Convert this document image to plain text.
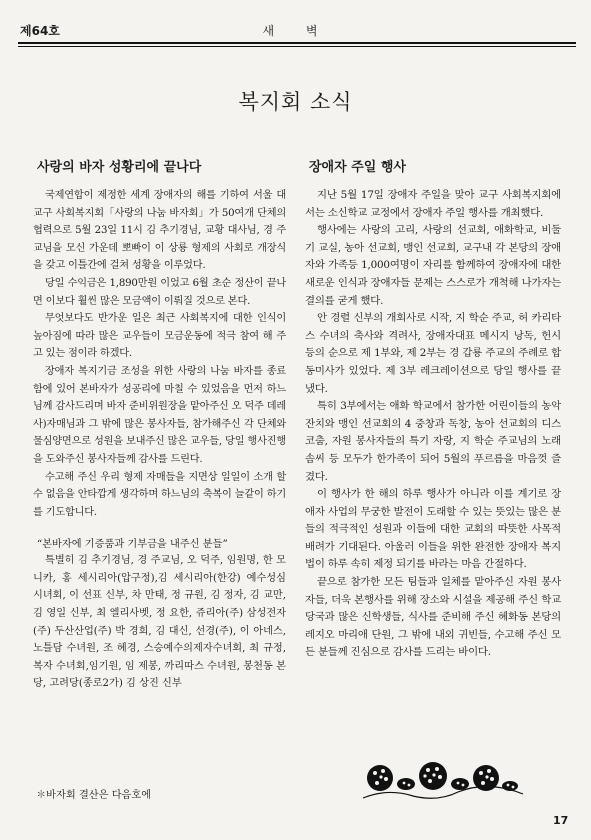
제64호	새 벽
복지회 소식
사랑의 바자 성황리에 끝나다

국제연합이 제정한 세계 장애자의 해를 기하여 서울 대교구 사회복지회「사랑의 나눔 바자회」가 50여개 단체의 협력으로 5월 23일 11시 김 추기경님, 교황 대사님, 경 주교님을 모신 가운데 뽀빠이 이 상룡 형제의 사회로 개장식을 갖고 이틀간에 걸쳐 성황을 이루었다.

당일 수익금은 1,890만원 이었고 6월 초순 정산이 끝나면 이보다 훨씬 많은 모금액이 이뤄질 것으로 본다.

무엇보다도 반가운 일은 최근 사회복지에 대한 인식이 높아짐에 따라 많은 교우들이 모금운동에 적극 참여 해 주고 있는 점이라 하겠다.

장애자 복지기금 조성을 위한 사랑의 나눔 바자를 종료함에 있어 본바자가 성공리에 마칠 수 있었음을 먼저 하느님께 감사드리며 바자 준비위원장을 맡아주신 오 덕주 데레사)자매님과 그 밖에 많은 봉사자들, 참가해주신 각 단체와 물심양면으로 성원을 보내주신 많은 교우들, 당일 행사진행을 도와주신 봉사자들께 감사를 드린다.

수고해 주신 우리 형제 자매들을 지면상 일일이 소개 할 수 없음을 안타깝게 생각하며 하느님의 축복이 늘같이 하기를 기도합니다.

“본바자에 기증품과 기부금을 내주신 분들”
특별히 김 추기경님, 경 주교님, 오 덕주, 임원명, 한 모니카, 홍 세시리아(압구정),김 세시리아(한강) 예수성심 시녀회, 이 선표 신부, 차 만태, 정 규원, 김 정자, 김 교만, 김 영일 신부, 최 엘리사벳, 정 요한, 쥬리아(주) 삼성전자(주) 두산산업(주) 박 경희, 김 대신, 선경(주), 이 아네스, 노틀담 수녀원, 조 혜경, 스승예수의제자수녀회, 최 규정, 복자 수녀회,임기원, 임 제봉, 까리따스 수녀원, 봉천동 본당, 고려당(종로2가) 김 상진 신부
✽바자회 결산은 다음호에
장애자 주일 행사

지난 5월 17일 장애자 주일을 맞아 교구 사회복지회에서는 소신학교 교정에서 장애자 주일 행사를 개최했다.

행사에는 사랑의 고리, 사랑의 선교회, 애화학교, 비둘기 교실, 농아 선교회, 맹인 선교회, 교구내 각 본당의 장애자와 가족등 1,000여명이 자리를 함께하여 장애자에 대한 새로운 인식과 장애자들 문제는 스스로가 개척해 나가자는 결의를 굳게 했다.

안 경렬 신부의 개회사로 시작, 지 학순 주교, 허 카리타스 수녀의 축사와 격려사, 장애자대표 메시지 낭독, 헌시 등의 순으로 제 1부와, 제 2부는 경 갑룡 주교의 주례로 합동미사가 있었다. 제 3부 레크레이션으로 당일 행사를 끝냈다.

특히 3부에서는 애화 학교에서 참가한 어린이들의 농악잔치와 맹인 선교회의 4 중창과 독창, 농아 선교회의 디스코춤, 자원 봉사자들의 특기 자랑, 지 학순 주교님의 노래솜씨 등 모두가 한가족이 되어 5월의 푸르름을 마음껏 즐겼다.

이 행사가 한 해의 하루 행사가 아니라 이를 계기로 장애자 사업의 무궁한 발전이 도래할 수 있는 뜻있는 많은 분들의 적극적인 성원과 이들에 대한 교회의 따뜻한 사목적 배려가 기대된다. 아울러 이들을 위한 완전한 장애자 복지법이 하루 속히 제정 되기를 바라는 마음 간절하다.

끝으로 참가한 모든 팀들과 일체를 맡아주신 자원 봉사자들, 더욱 본행사를 위해 장소와 시설을 제공해 주신 학교 당국과 많은 신학생들, 식사를 준비해 주신 혜화동 본당의 레지오 마리애 단원, 그 밖에 내외 귀빈들, 수고해 주신 모든 분들께 진심으로 감사를 드리는 바이다.

17
